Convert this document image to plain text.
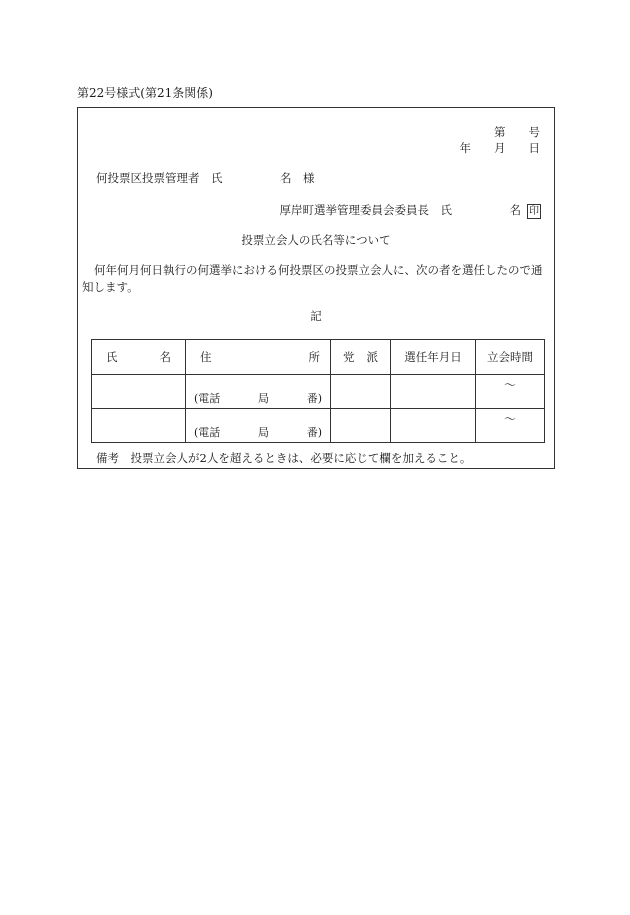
第22号様式(第21条関係)
第　　号
年　　月　　日
何投票区投票管理者　氏　　　　　名　様
厚岸町選挙管理委員会委員長　氏　　　　　名 印
投票立会人の氏名等について
何年何月何日執行の何選挙における何投票区の投票立会人に、次の者を選任したので通知します。
記
氏 名	住 所	党 派	選任年月日	立会時間

	(電話 局 番)			～

	(電話 局 番)			～
備考　投票立会人が2人を超えるときは、必要に応じて欄を加えること。
